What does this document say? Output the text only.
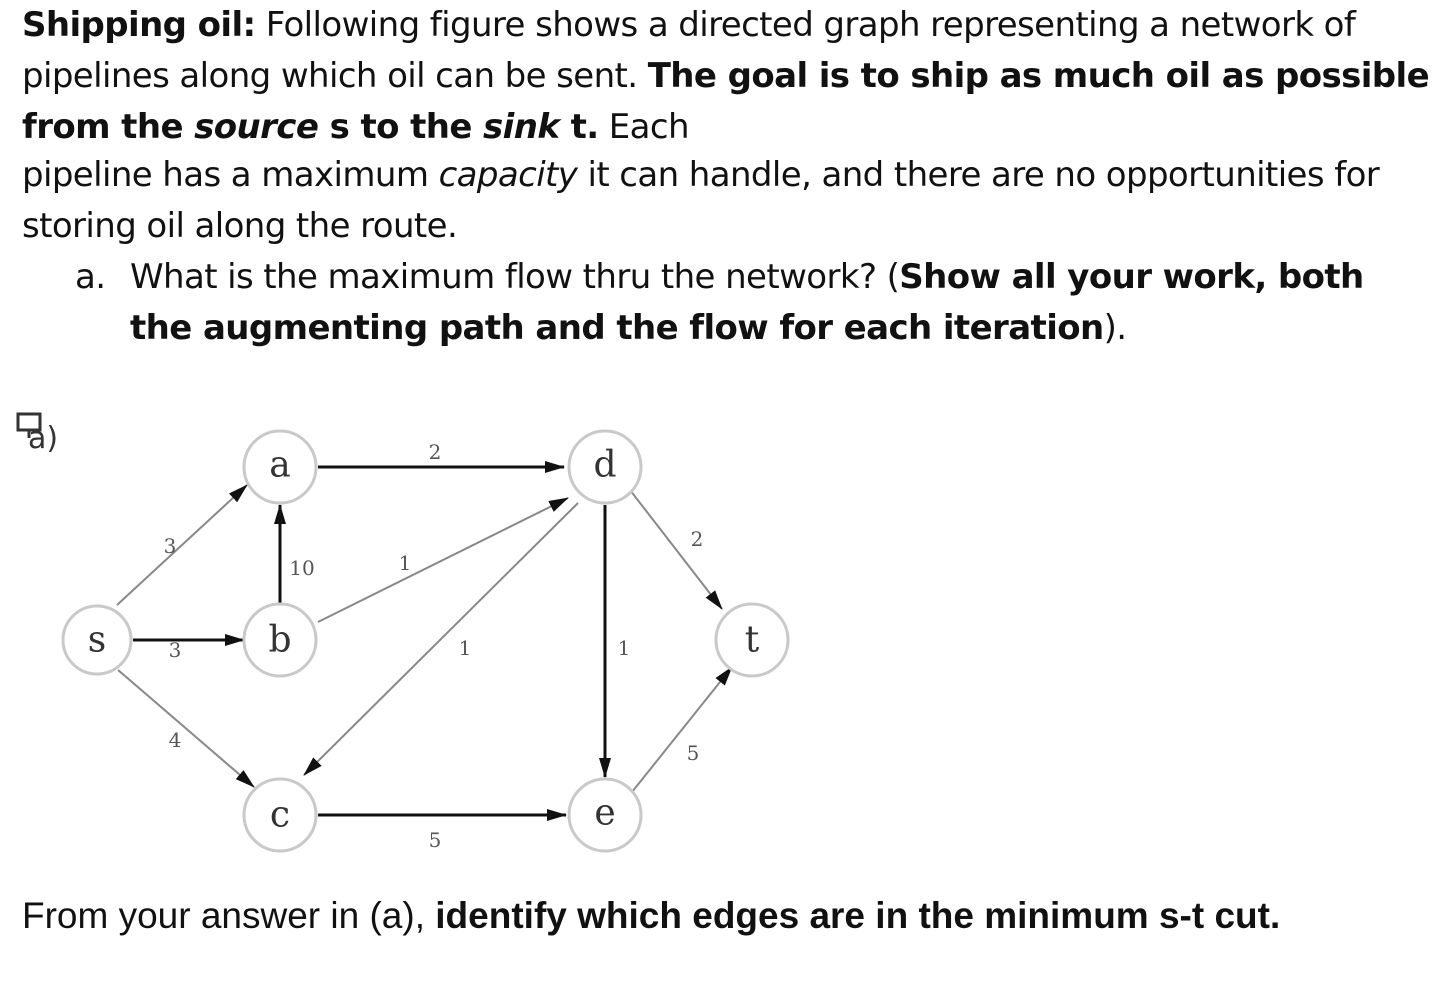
Shipping oil: Following figure shows a directed graph representing a network of pipelines along which oil can be sent. The goal is to ship as much oil as possible from the source s to the sink t. Each
pipeline has a maximum capacity it can handle, and there are no opportunities for storing oil along the route.
a. What is the maximum flow thru the network? (Show all your work, both the augmenting path and the flow for each iteration).
a)
3
3
4
10	1
2
1	1
2
5
5
s
a
b
c
d
e
t
From your answer in (a), identify which edges are in the minimum s-t cut.
